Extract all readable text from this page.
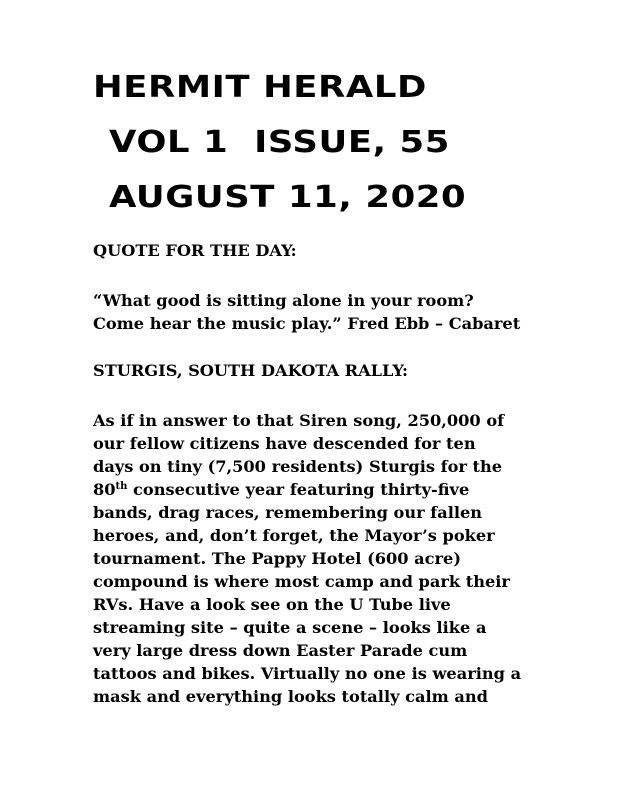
HERMIT HERALD
VOL 1  ISSUE, 55
AUGUST 11, 2020

QUOTE FOR THE DAY:

“What good is sitting alone in your room?
Come hear the music play.” Fred Ebb – Cabaret

STURGIS, SOUTH DAKOTA RALLY:

As if in answer to that Siren song, 250,000 of
our fellow citizens have descended for ten
days on tiny (7,500 residents) Sturgis for the
80th consecutive year featuring thirty-five
bands, drag races, remembering our fallen
heroes, and, don’t forget, the Mayor’s poker
tournament. The Pappy Hotel (600 acre)
compound is where most camp and park their
RVs. Have a look see on the U Tube live
streaming site – quite a scene – looks like a
very large dress down Easter Parade cum
tattoos and bikes. Virtually no one is wearing a
mask and everything looks totally calm and
